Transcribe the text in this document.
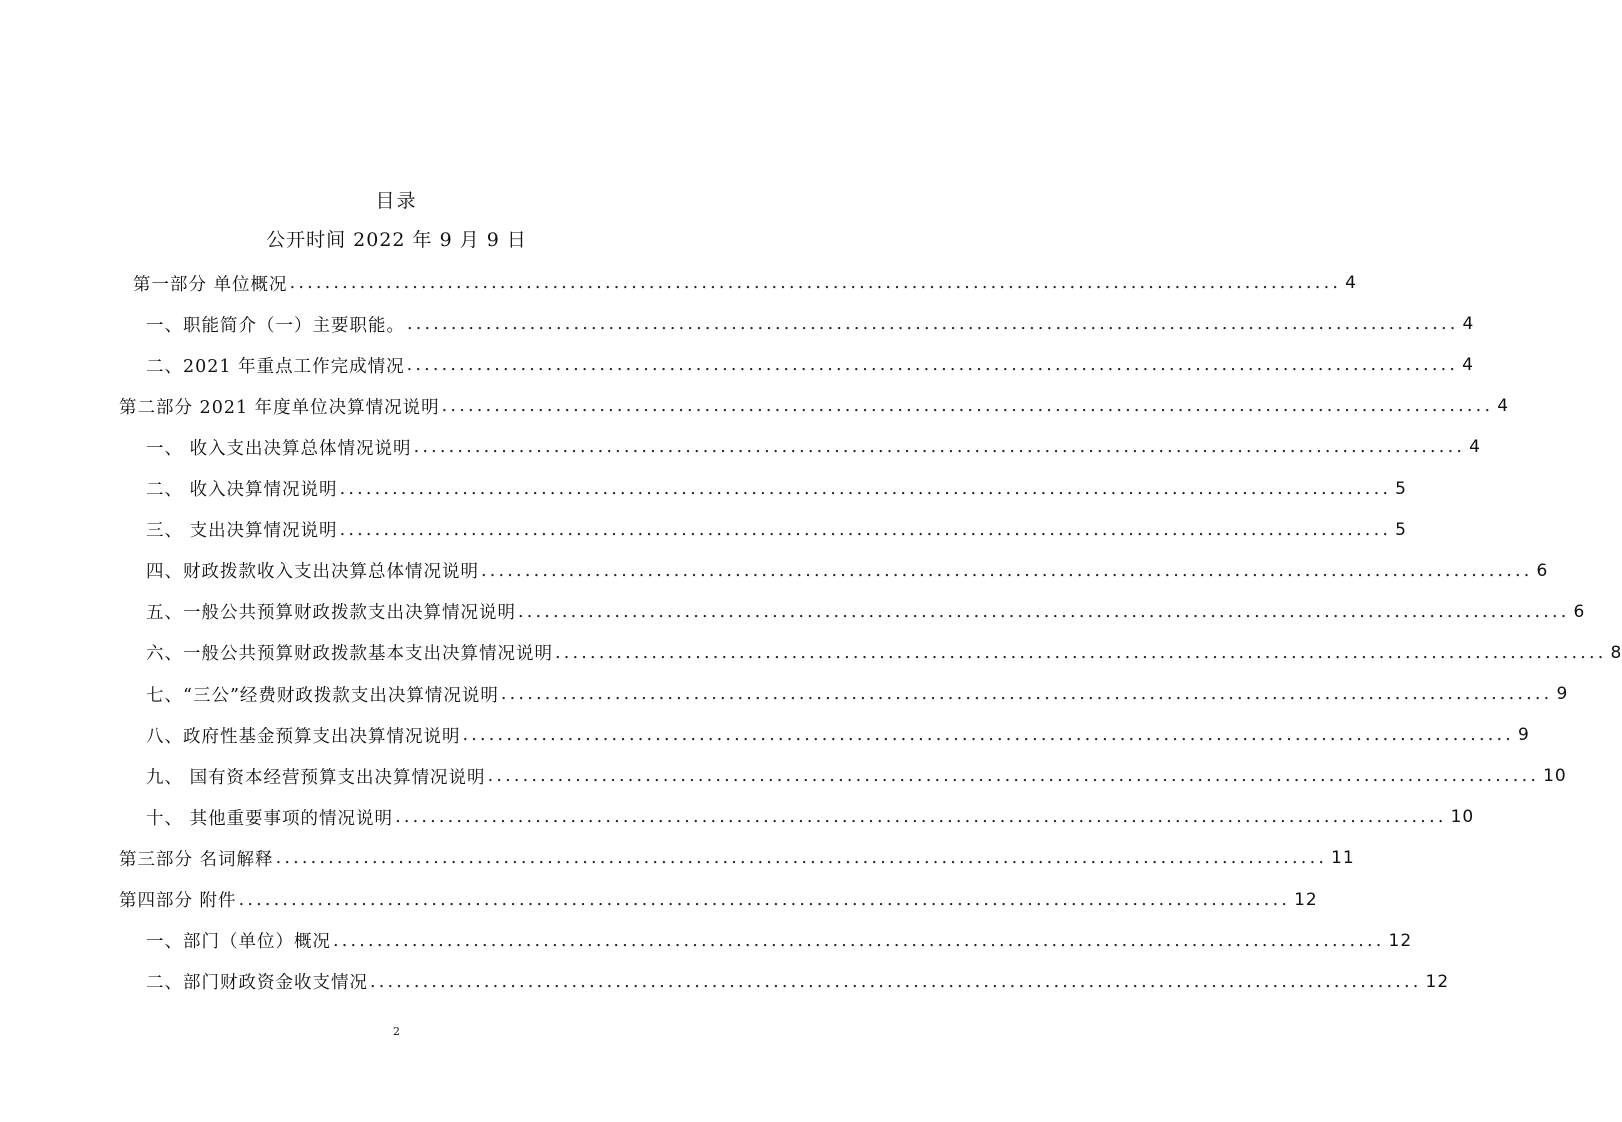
目录
公开时间 2022 年 9 月 9 日
第一部分 单位概况 ........................................................................................................................ 4
一、职能简介（一）主要职能。 ........................................................................................................................ 4
二、2021 年重点工作完成情况 ........................................................................................................................ 4
第二部分 2021 年度单位决算情况说明 ........................................................................................................................ 4
一、 收入支出决算总体情况说明 ........................................................................................................................ 4
二、 收入决算情况说明 ........................................................................................................................ 5
三、 支出决算情况说明 ........................................................................................................................ 5
四、财政拨款收入支出决算总体情况说明 ........................................................................................................................ 6
五、一般公共预算财政拨款支出决算情况说明 ........................................................................................................................ 6
六、一般公共预算财政拨款基本支出决算情况说明 ........................................................................................................................ 8
七、“三公”经费财政拨款支出决算情况说明 ........................................................................................................................ 9
八、政府性基金预算支出决算情况说明 ........................................................................................................................ 9
九、 国有资本经营预算支出决算情况说明 ........................................................................................................................ 10
十、 其他重要事项的情况说明 ........................................................................................................................ 10
第三部分 名词解释 ........................................................................................................................ 11
第四部分 附件 ........................................................................................................................ 12
一、部门（单位）概况 ........................................................................................................................ 12
二、部门财政资金收支情况 ........................................................................................................................ 12
2
